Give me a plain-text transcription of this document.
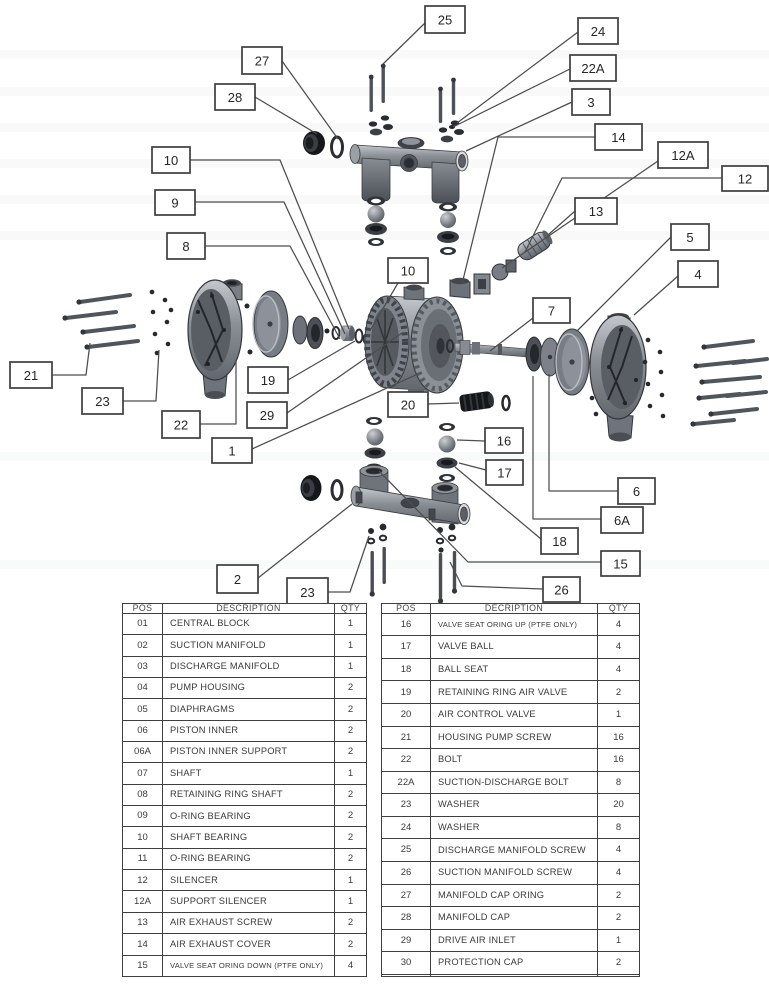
25
24
22A
3
14
12A
12
13
5
4
27
28
10
9
8
10
7
21
23
22
19
29
1
20
16
17
6
6A
18
15
2
23	26
POS	DESCRIPTION	QTY
01	CENTRAL BLOCK	1
02	SUCTION MANIFOLD	1
03	DISCHARGE MANIFOLD	1
04	PUMP HOUSING	2
05	DIAPHRAGMS	2
06	PISTON INNER	2
06A	PISTON INNER SUPPORT	2
07	SHAFT	1
08	RETAINING RING SHAFT	2
09	O-RING BEARING	2
10	SHAFT BEARING	2
11	O-RING BEARING	2
12	SILENCER	1
12A	SUPPORT SILENCER	1
13	AIR EXHAUST SCREW	2
14	AIR EXHAUST COVER	2
15	VALVE SEAT ORING DOWN (PTFE ONLY)	4
POS	DECRIPTION	QTY
16	VALVE SEAT ORING UP (PTFE ONLY)	4
17	VALVE BALL	4
18	BALL SEAT	4
19	RETAINING RING AIR VALVE	2
20	AIR CONTROL VALVE	1
21	HOUSING PUMP SCREW	16
22	BOLT	16
22A	SUCTION-DISCHARGE BOLT	8
23	WASHER	20
24	WASHER	8
25	DISCHARGE MANIFOLD SCREW	4
26	SUCTION MANIFOLD SCREW	4
27	MANIFOLD CAP ORING	2
28	MANIFOLD CAP	2
29	DRIVE AIR INLET	1
30	PROTECTION CAP	2
